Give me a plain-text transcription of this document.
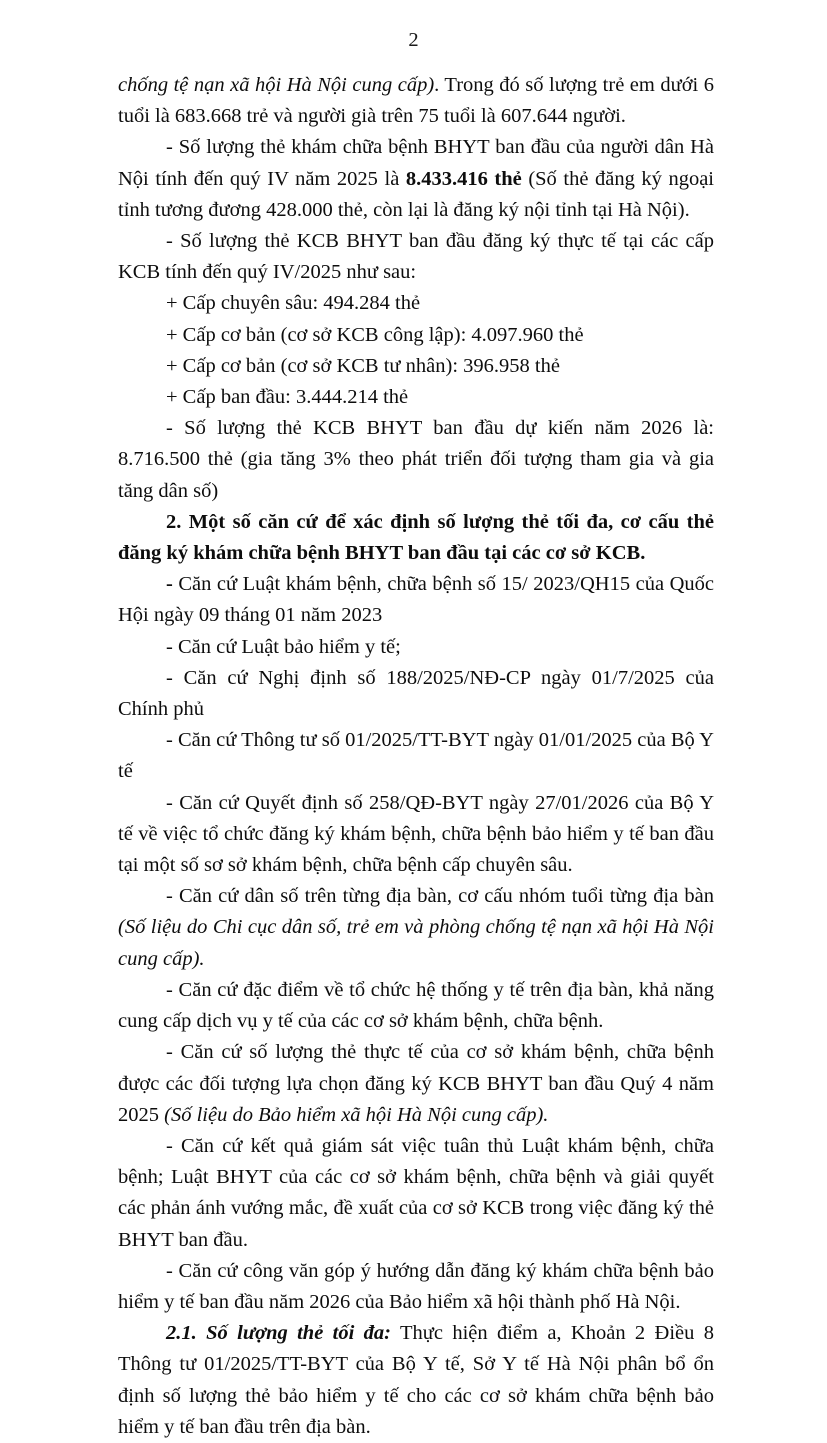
2

chống tệ nạn xã hội Hà Nội cung cấp). Trong đó số lượng trẻ em dưới 6 tuổi là 683.668 trẻ và người già trên 75 tuổi là 607.644 người.

- Số lượng thẻ khám chữa bệnh BHYT ban đầu của người dân Hà Nội tính đến quý IV năm 2025 là 8.433.416 thẻ (Số thẻ đăng ký ngoại tỉnh tương đương 428.000 thẻ, còn lại là đăng ký nội tỉnh tại Hà Nội).

- Số lượng thẻ KCB BHYT ban đầu đăng ký thực tế tại các cấp KCB tính đến quý IV/2025 như sau:

+ Cấp chuyên sâu: 494.284 thẻ

+ Cấp cơ bản (cơ sở KCB công lập): 4.097.960 thẻ

+ Cấp cơ bản (cơ sở KCB tư nhân): 396.958 thẻ

+ Cấp ban đầu: 3.444.214 thẻ

- Số lượng thẻ KCB BHYT ban đầu dự kiến năm 2026 là: 8.716.500 thẻ (gia tăng 3% theo phát triển đối tượng tham gia và gia tăng dân số)

2. Một số căn cứ để xác định số lượng thẻ tối đa, cơ cấu thẻ đăng ký khám chữa bệnh BHYT ban đầu tại các cơ sở KCB.

- Căn cứ Luật khám bệnh, chữa bệnh số 15/ 2023/QH15 của Quốc Hội ngày 09 tháng 01 năm 2023

- Căn cứ Luật bảo hiểm y tế;

- Căn cứ Nghị định số 188/2025/NĐ-CP ngày 01/7/2025 của Chính phủ

- Căn cứ Thông tư số 01/2025/TT-BYT ngày 01/01/2025 của Bộ Y tế

- Căn cứ Quyết định số 258/QĐ-BYT ngày 27/01/2026 của Bộ Y tế về việc tổ chức đăng ký khám bệnh, chữa bệnh bảo hiểm y tế ban đầu tại một số sơ sở khám bệnh, chữa bệnh cấp chuyên sâu.

- Căn cứ dân số trên từng địa bàn, cơ cấu nhóm tuổi từng địa bàn (Số liệu do Chi cục dân số, trẻ em và phòng chống tệ nạn xã hội Hà Nội cung cấp).

- Căn cứ đặc điểm về tổ chức hệ thống y tế trên địa bàn, khả năng cung cấp dịch vụ y tế của các cơ sở khám bệnh, chữa bệnh.

- Căn cứ số lượng thẻ thực tế của cơ sở khám bệnh, chữa bệnh được các đối tượng lựa chọn đăng ký KCB BHYT ban đầu Quý 4 năm 2025 (Số liệu do Bảo hiểm xã hội Hà Nội cung cấp).

- Căn cứ kết quả giám sát việc tuân thủ Luật khám bệnh, chữa bệnh; Luật BHYT của các cơ sở khám bệnh, chữa bệnh và giải quyết các phản ánh vướng mắc, đề xuất của cơ sở KCB trong việc đăng ký thẻ BHYT ban đầu.

- Căn cứ công văn góp ý hướng dẫn đăng ký khám chữa bệnh bảo hiểm y tế ban đầu năm 2026 của Bảo hiểm xã hội thành phố Hà Nội.

2.1. Số lượng thẻ tối đa: Thực hiện điểm a, Khoản 2 Điều 8 Thông tư 01/2025/TT-BYT của Bộ Y tế, Sở Y tế Hà Nội phân bổ ổn định số lượng thẻ bảo hiểm y tế cho các cơ sở khám chữa bệnh bảo hiểm y tế ban đầu trên địa bàn.
